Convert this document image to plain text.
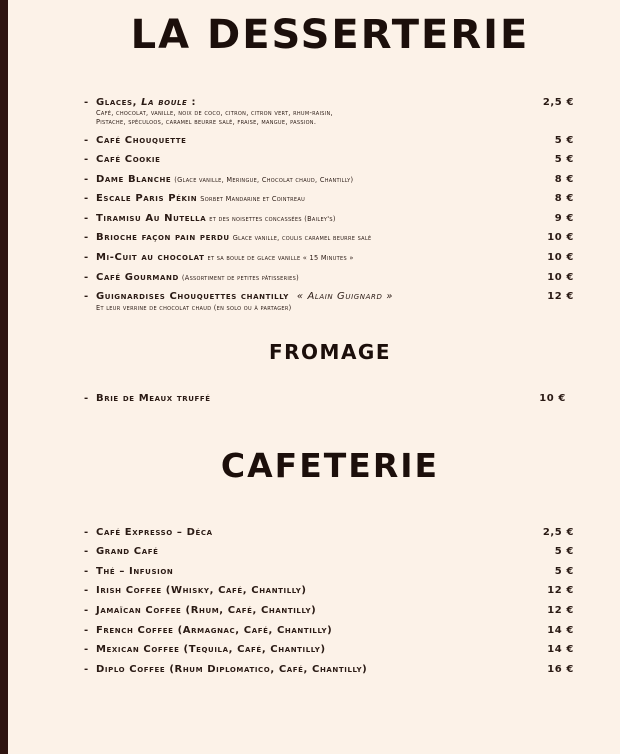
LA DESSERTERIE
- Glaces, La boule :	2,5 €
Café, chocolat, vanille, noix de coco, citron, citron vert, rhum-raisin,
Pistache, spéculoos, caramel beurre salé, fraise, mangue, passion.
- Café Chouquette	5 €
- Café Cookie	5 €
- Dame Blanche (Glace vanille, Meringue, Chocolat chaud, Chantilly)	8 €
- Escale Paris Pékin Sorbet Mandarine et Cointreau	8 €
- Tiramisu Au Nutella et des noisettes concassées (Bailey's)	9 €
- Brioche façon pain perdu Glace vanille, coulis caramel beurre salé	10 €
- Mi-Cuit au chocolat et sa boule de glace vanille « 15 Minutes »	10 €
- Café Gourmand (Assortiment de petites pâtisseries)	10 €
- Guignardises Chouquettes chantilly « Alain Guignard »	12 €
Et leur verrine de chocolat chaud (en solo ou à partager)
FROMAGE
- Brie de Meaux truffé	10 €
CAFETERIE
- Café Expresso – Déca	2,5 €
- Grand Café	5 €
- Thé – Infusion	5 €
- Irish Coffee (Whisky, Café, Chantilly)	12 €
- Jamaïcan Coffee (Rhum, Café, Chantilly)	12 €
- French Coffee (Armagnac, Café, Chantilly)	14 €
- Mexican Coffee (Tequila, Café, Chantilly)	14 €
- Diplo Coffee (Rhum Diplomatico, Café, Chantilly)	16 €
